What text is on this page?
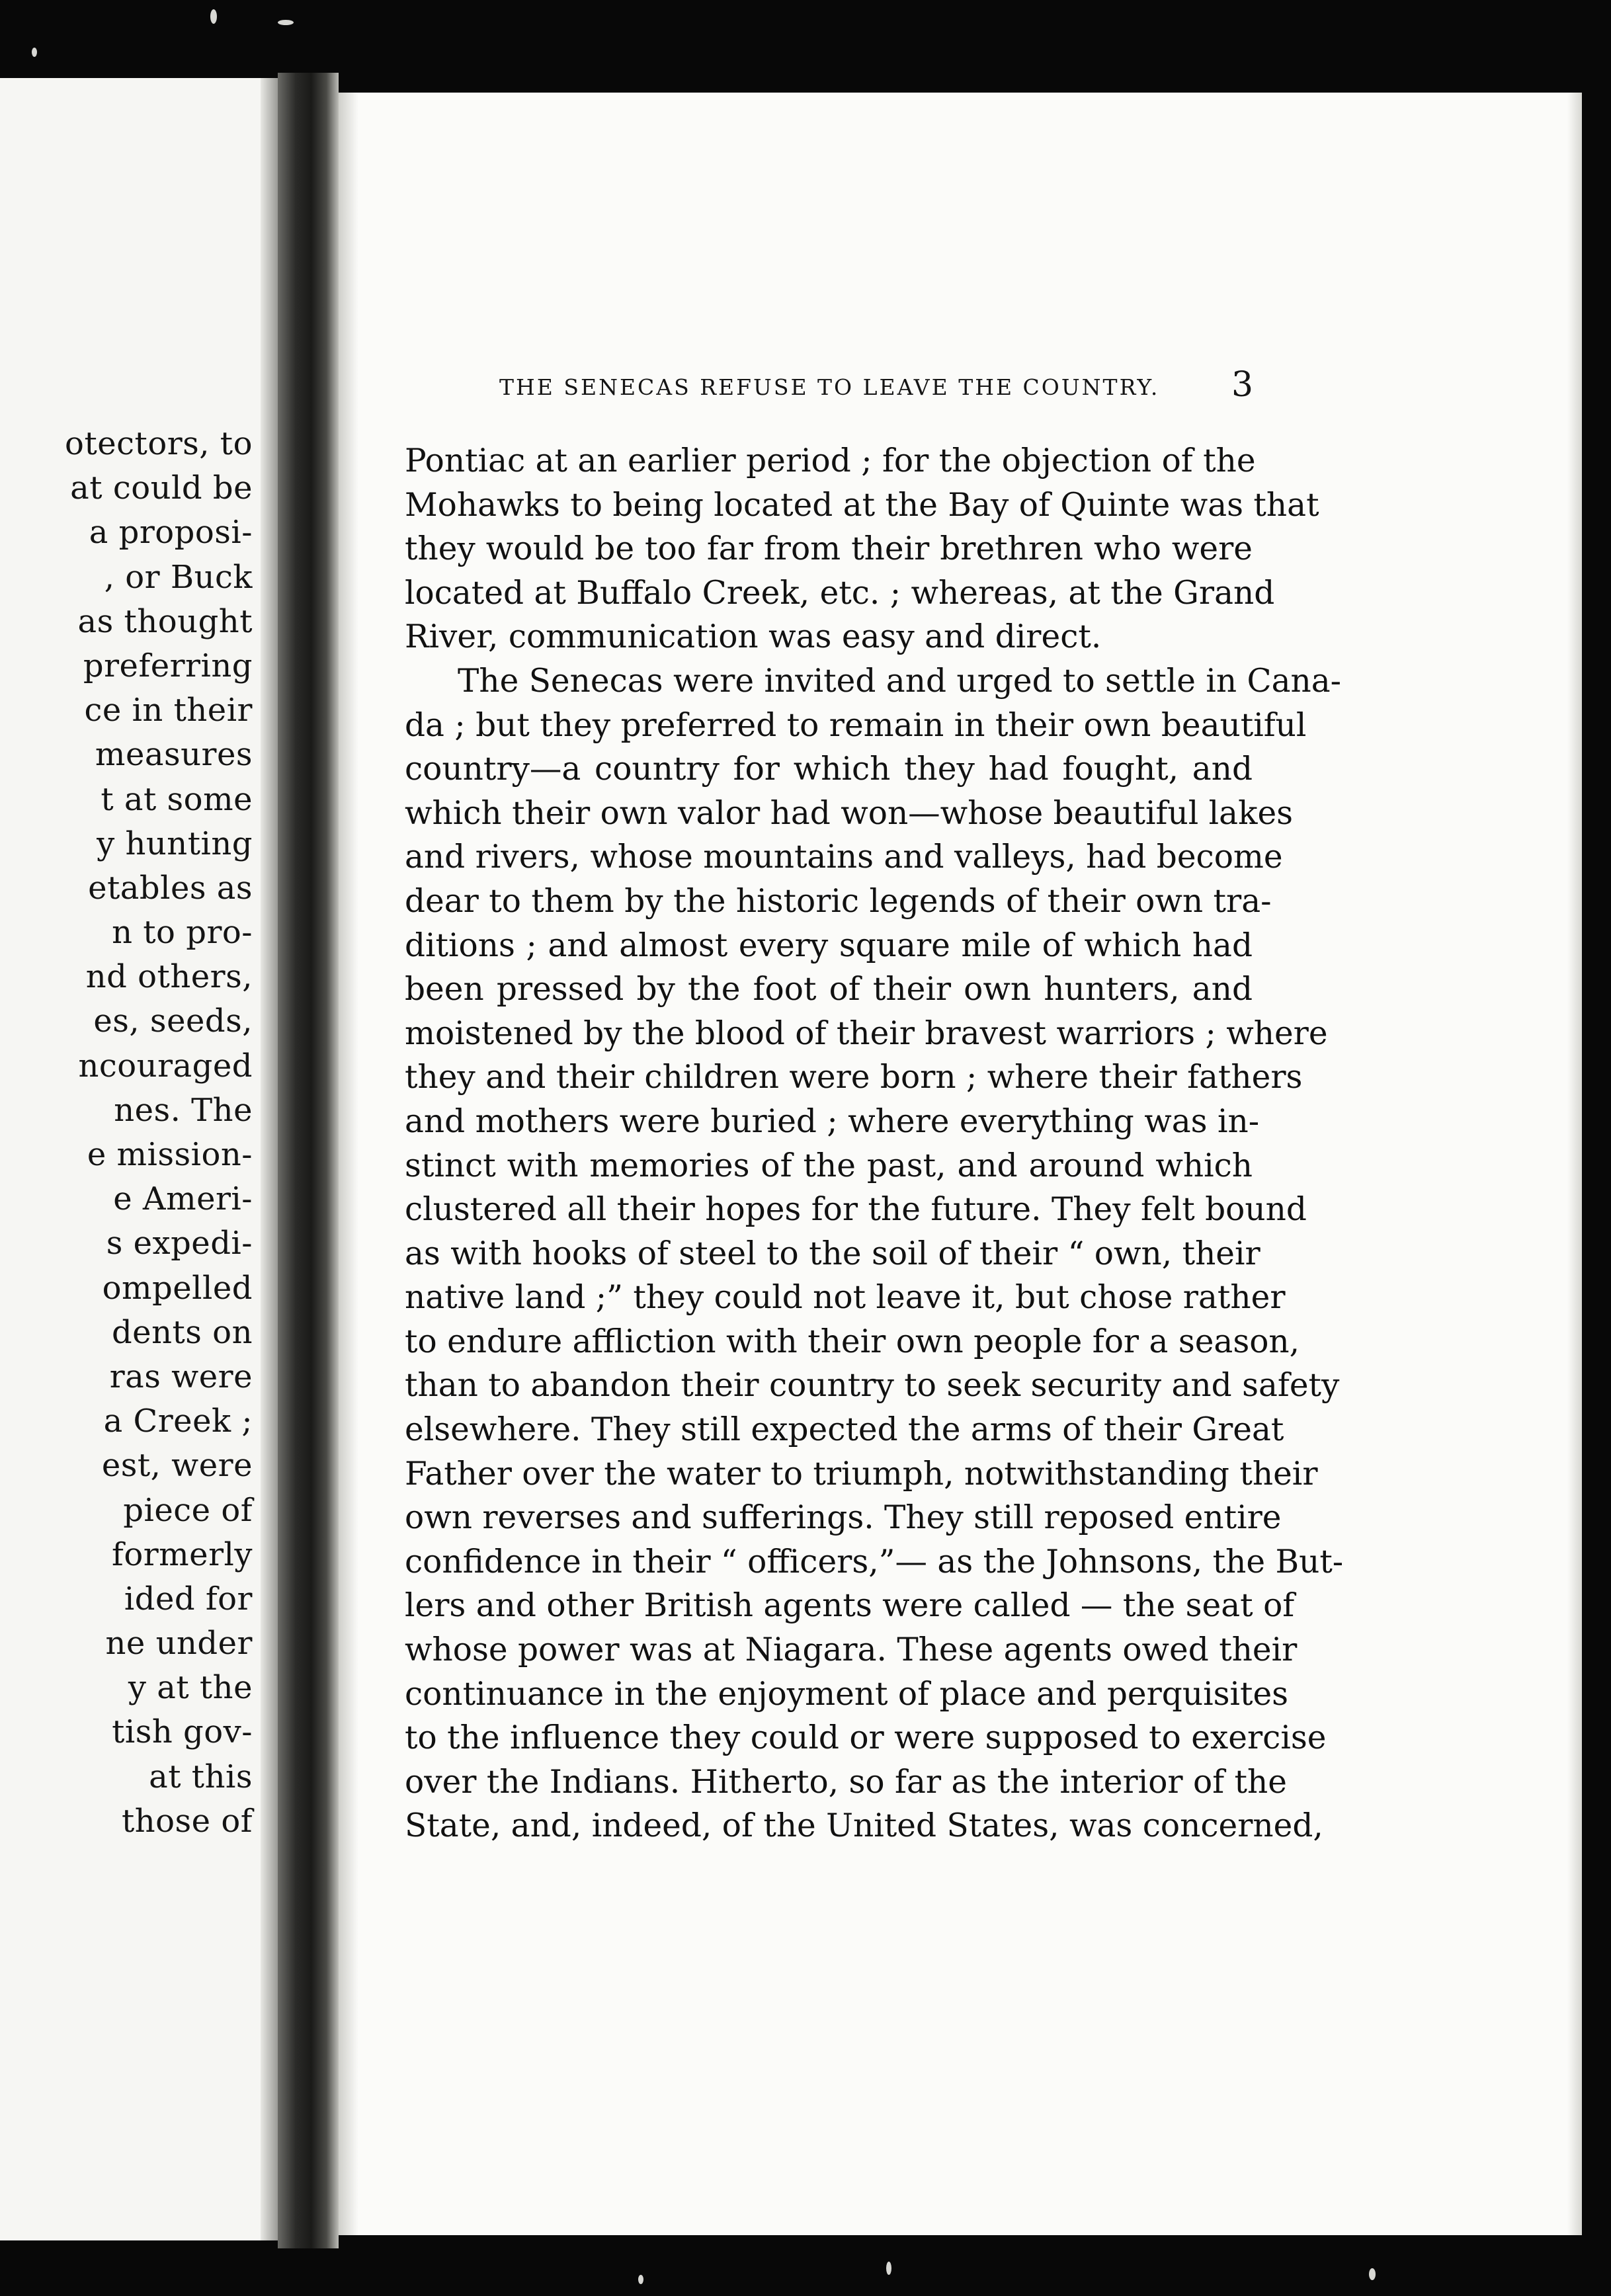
otectors, to
at could be
a proposi-
, or Buck
as thought
preferring
ce in their
measures
t at some
y hunting
etables as
n to pro-
nd others,
es, seeds,
ncouraged
nes. The
e mission-
e Ameri-
s expedi-
ompelled
dents on
ras were
a Creek ;
est, were
piece of
formerly
ided for
ne under
y at the
tish gov-
at this
those of
THE SENECAS REFUSE TO LEAVE THE COUNTRY.	3
Pontiac at an earlier period ; for the objection of the
Mohawks to being located at the Bay of Quinte was that
they would be too far from their brethren who were
located at Buffalo Creek, etc. ; whereas, at the Grand
River, communication was easy and direct.
The Senecas were invited and urged to settle in Cana-
da ; but they preferred to remain in their own beautiful
country—a country for which they had fought, and
which their own valor had won—whose beautiful lakes
and rivers, whose mountains and valleys, had become
dear to them by the historic legends of their own tra-
ditions ; and almost every square mile of which had
been pressed by the foot of their own hunters, and
moistened by the blood of their bravest warriors ; where
they and their children were born ; where their fathers
and mothers were buried ; where everything was in-
stinct with memories of the past, and around which
clustered all their hopes for the future. They felt bound
as with hooks of steel to the soil of their “ own, their
native land ;” they could not leave it, but chose rather
to endure affliction with their own people for a season,
than to abandon their country to seek security and safety
elsewhere. They still expected the arms of their Great
Father over the water to triumph, notwithstanding their
own reverses and sufferings. They still reposed entire
confidence in their “ officers,”— as the Johnsons, the But-
lers and other British agents were called — the seat of
whose power was at Niagara. These agents owed their
continuance in the enjoyment of place and perquisites
to the influence they could or were supposed to exercise
over the Indians. Hitherto, so far as the interior of the
State, and, indeed, of the United States, was concerned,
